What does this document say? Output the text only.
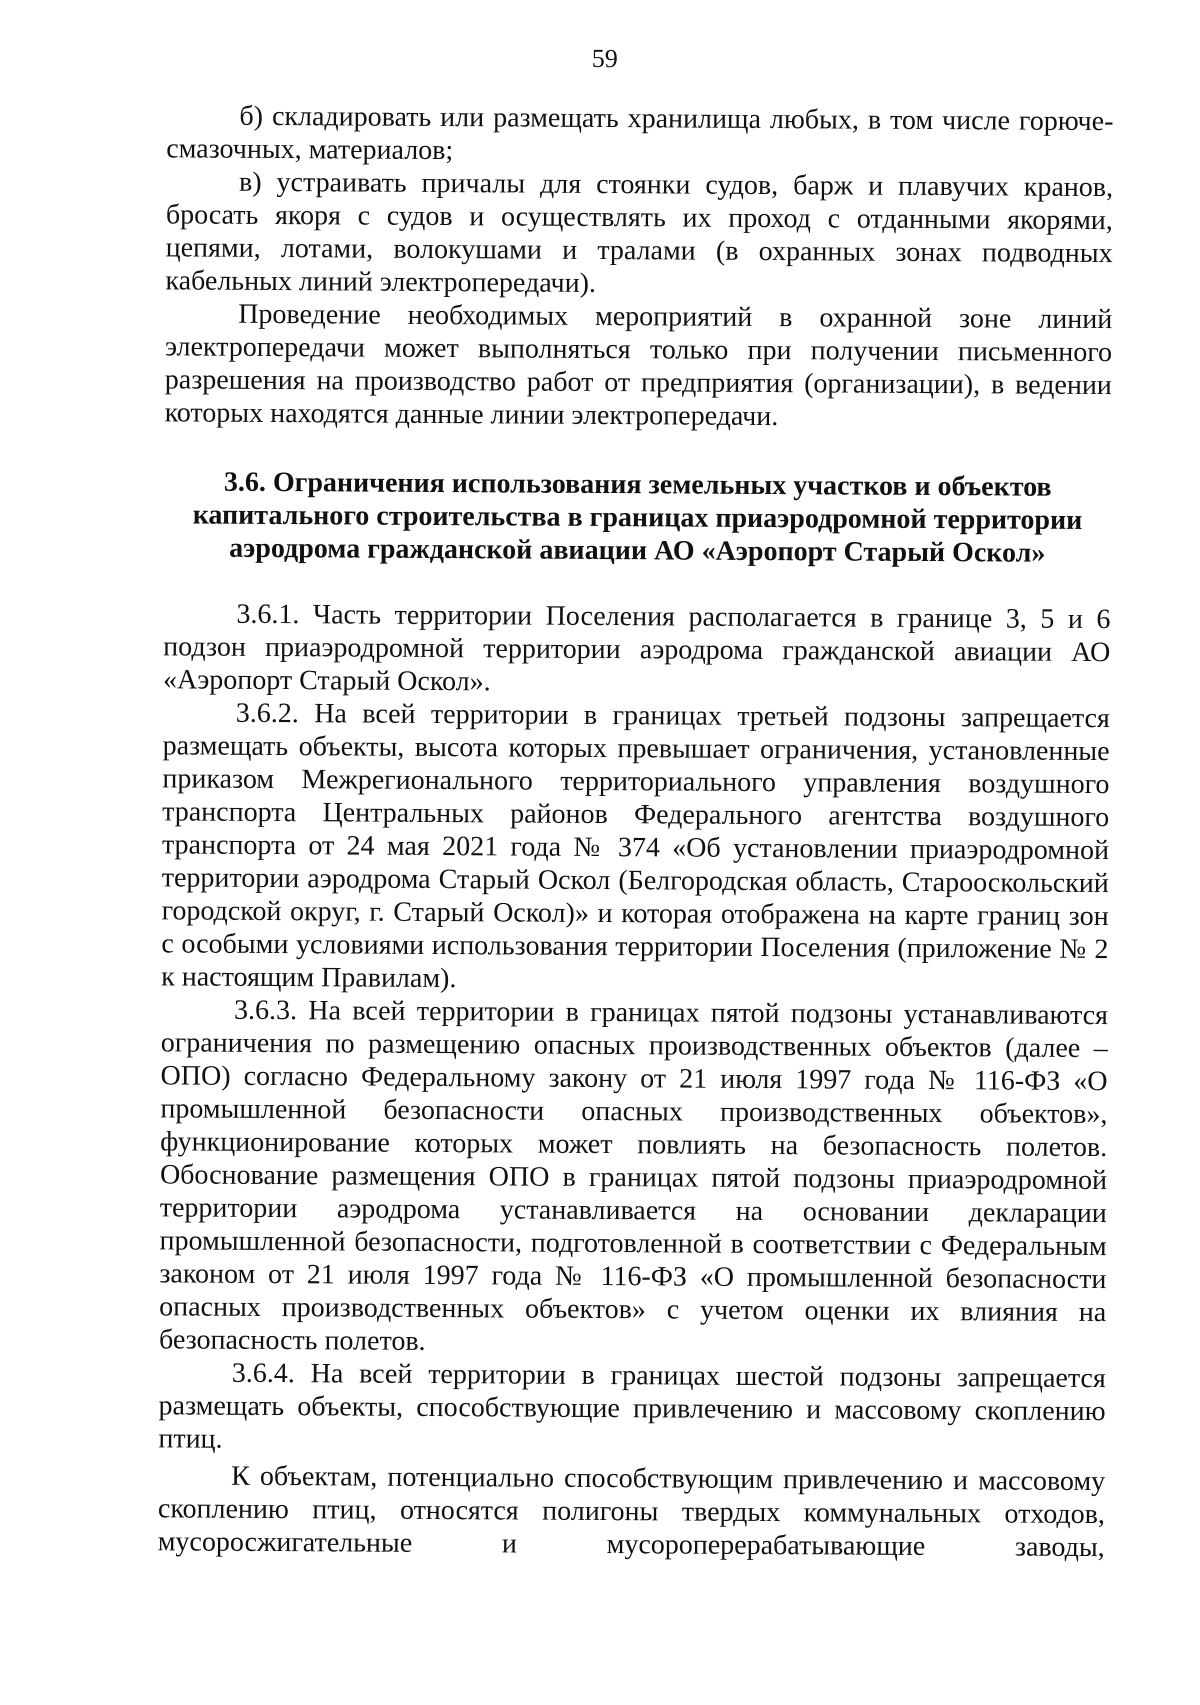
59

б) складировать или размещать хранилища любых, в том числе горюче-смазочных, материалов;

в) устраивать причалы для стоянки судов, барж и плавучих кранов, бросать якоря с судов и осуществлять их проход с отданными якорями, цепями, лотами, волокушами и тралами (в охранных зонах подводных кабельных линий электропередачи).

Проведение необходимых мероприятий в охранной зоне линий электропередачи может выполняться только при получении письменного разрешения на производство работ от предприятия (организации), в ведении которых находятся данные линии электропередачи.

3.6. Ограничения использования земельных участков и объектов капитального строительства в границах приаэродромной территории аэродрома гражданской авиации АО «Аэропорт Старый Оскол»

3.6.1. Часть территории Поселения располагается в границе 3, 5 и 6 подзон приаэродромной территории аэродрома гражданской авиации АО «Аэропорт Старый Оскол».

3.6.2. На всей территории в границах третьей подзоны запрещается размещать объекты, высота которых превышает ограничения, установленные приказом Межрегионального территориального управления воздушного транспорта Центральных районов Федерального агентства воздушного транспорта от 24 мая 2021 года № 374 «Об установлении приаэродромной территории аэродрома Старый Оскол (Белгородская область, Старооскольский городской округ, г. Старый Оскол)» и которая отображена на карте границ зон с особыми условиями использования территории Поселения (приложение № 2 к настоящим Правилам).

3.6.3. На всей территории в границах пятой подзоны устанавливаются ограничения по размещению опасных производственных объектов (далее – ОПО) согласно Федеральному закону от 21 июля 1997 года № 116-ФЗ «О промышленной безопасности опасных производственных объектов», функционирование которых может повлиять на безопасность полетов. Обоснование размещения ОПО в границах пятой подзоны приаэродромной территории аэродрома устанавливается на основании декларации промышленной безопасности, подготовленной в соответствии с Федеральным законом от 21 июля 1997 года № 116-ФЗ «О промышленной безопасности опасных производственных объектов» с учетом оценки их влияния на безопасность полетов.

3.6.4. На всей территории в границах шестой подзоны запрещается размещать объекты, способствующие привлечению и массовому скоплению птиц.

К объектам, потенциально способствующим привлечению и массовому скоплению птиц, относятся полигоны твердых коммунальных отходов, мусоросжигательные и мусороперерабатывающие заводы,
